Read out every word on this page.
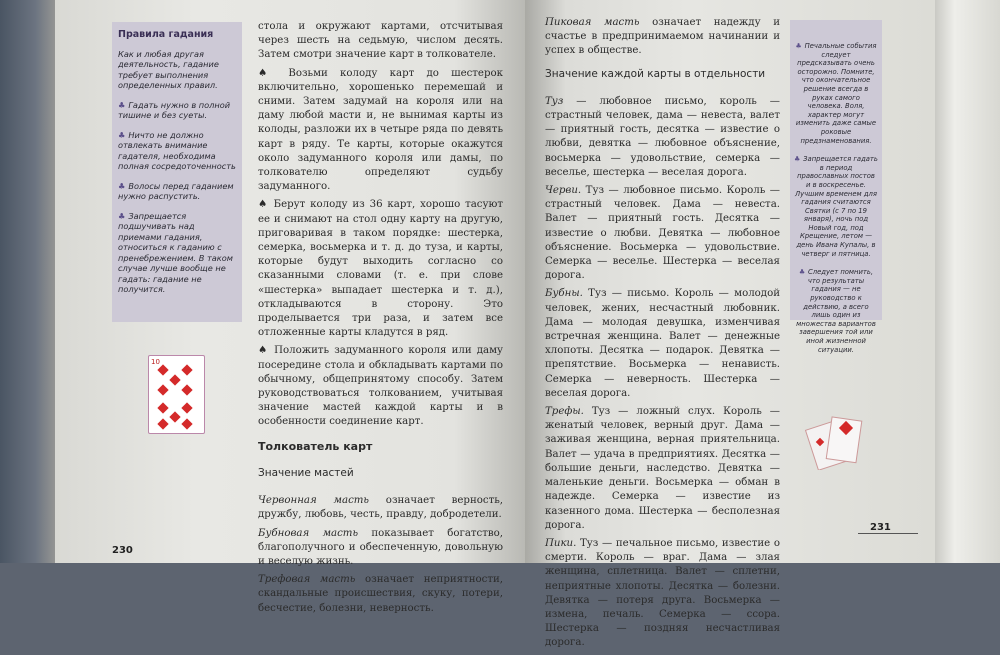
Правила гадания

Как и любая другая деятельность, гадание требует выполнения определенных правил.

♣ Гадать нужно в полной тишине и без суеты.

♣ Ничто не должно отвлекать внимание гадателя, необходима полная сосредоточенность

♣ Волосы перед гаданием нужно распустить.

♣ Запрещается подшучивать над приемами гадания, относиться к гаданию с пренебрежением. В таком случае лучше вообще не гадать: гадание не получится.

10

стола и окружают картами, отсчитывая через шесть на седьмую, числом десять. Затем смотри значение карт в толкователе.

♠ Возьми колоду карт до шестерок включительно, хорошенько перемешай и сними. Затем задумай на короля или на даму любой масти и, не вынимая карты из колоды, разложи их в четыре ряда по девять карт в ряду. Те карты, которые окажутся около задуманного короля или дамы, по толкователю определяют судьбу задуманного.

♠ Берут колоду из 36 карт, хорошо тасуют ее и снимают на стол одну карту на другую, приговаривая в таком порядке: шестерка, семерка, восьмерка и т. д. до туза, и карты, которые будут выходить согласно со сказанными словами (т. е. при слове «шестерка» выпадает шестерка и т. д.), откладываются в сторону. Это проделывается три раза, и затем все отложенные карты кладутся в ряд.

♠ Положить задуманного короля или даму посередине стола и обкладывать картами по обычному, общепринятому способу. Затем руководствоваться толкованием, учитывая значение мастей каждой карты и в особенности соединение карт.

Толкователь карт
Значение мастей

Червонная масть означает верность, дружбу, любовь, честь, правду, добродетели.

Бубновая масть показывает богатство, благополучного и обеспеченную, довольную и веселую жизнь.

Трефовая масть означает неприятности, скандальные происшествия, скуку, потери, бесчестие, болезни, неверность.

230

Пиковая масть означает надежду и счастье в предпринимаемом начинании и успех в обществе.

Значение каждой карты в отдельности

Туз — любовное письмо, король — страстный человек, дама — невеста, валет — приятный гость, десятка — известие о любви, девятка — любовное объяснение, восьмерка — удовольствие, семерка — веселье, шестерка — веселая дорога.

Черви. Туз — любовное письмо. Король — страстный человек. Дама — невеста. Валет — приятный гость. Десятка — известие о любви. Девятка — любовное объяснение. Восьмерка — удовольствие. Семерка — веселье. Шестерка — веселая дорога.

Бубны. Туз — письмо. Король — молодой человек, жених, несчастный любовник. Дама — молодая девушка, изменчивая встречная женщина. Валет — денежные хлопоты. Десятка — подарок. Девятка — препятствие. Восьмерка — ненависть. Семерка — неверность. Шестерка — веселая дорога.

Трефы. Туз — ложный слух. Король — женатый человек, верный друг. Дама — заживая женщина, верная приятельница. Валет — удача в предприятиях. Десятка — большие деньги, наследство. Девятка — маленькие деньги. Восьмерка — обман в надежде. Семерка — известие из казенного дома. Шестерка — бесполезная дорога.

Пики. Туз — печальное письмо, известие о смерти. Король — враг. Дама — злая женщина, сплетница. Валет — сплетни, неприятные хлопоты. Десятка — болезни. Девятка — потеря друга. Восьмерка — измена, печаль. Семерка — ссора. Шестерка — поздняя несчастливая дорога.

♣ Печальные события следует предсказывать очень осторожно. Помните, что окончательное решение всегда в руках самого человека. Воля, характер могут изменить даже самые роковые предзнаменования.

♣ Запрещается гадать в период православных постов и в воскресенье. Лучшим временем для гадания считаются Святки (с 7 по 19 января), ночь под Новый год, под Крещение, летом — день Ивана Купалы, в четверг и пятница.

♣ Следует помнить, что результаты гадания — не руководство к действию, а всего лишь один из множества вариантов завершения той или иной жизненной ситуации.

231
